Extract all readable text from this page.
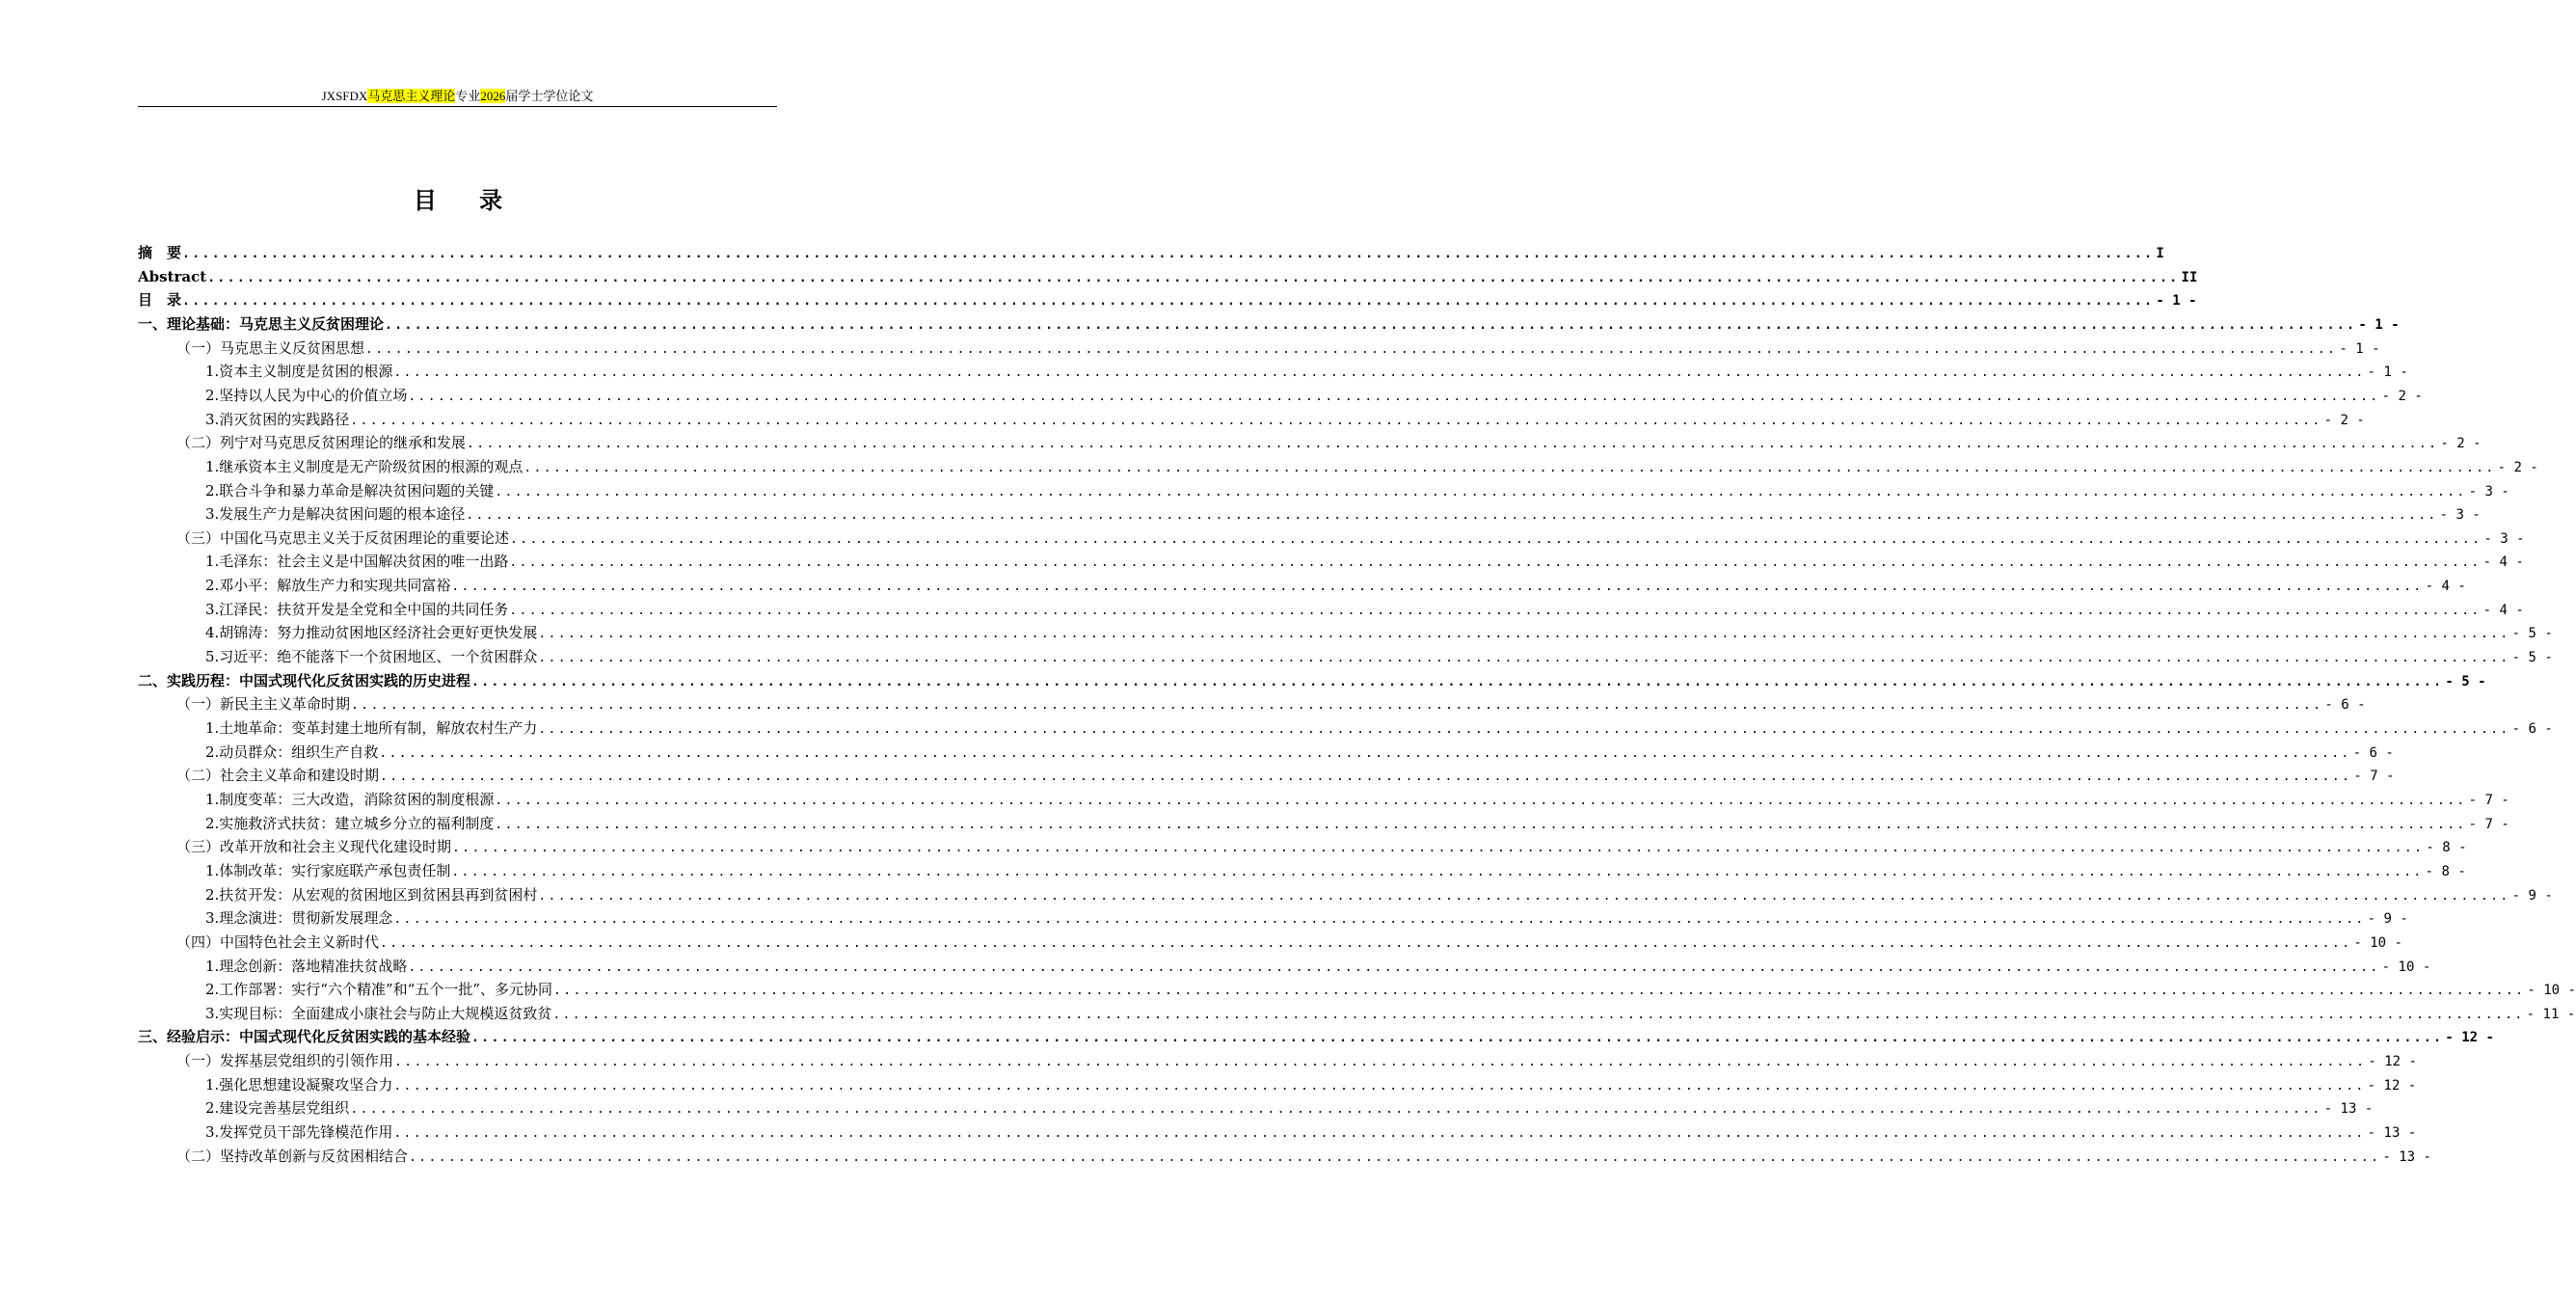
JXSFDX马克思主义理论专业2026届学士学位论文
目 录
摘　要 ........................................................................................................................................................................................................ I
Abstract ........................................................................................................................................................................................................ II
目　录 ........................................................................................................................................................................................................ - 1 -
一、理论基础：马克思主义反贫困理论 ........................................................................................................................................................................................................ - 1 -
（一）马克思主义反贫困思想 ........................................................................................................................................................................................................ - 1 -
1.资本主义制度是贫困的根源 ........................................................................................................................................................................................................ - 1 -
2.坚持以人民为中心的价值立场 ........................................................................................................................................................................................................ - 2 -
3.消灭贫困的实践路径 ........................................................................................................................................................................................................ - 2 -
（二）列宁对马克思反贫困理论的继承和发展 ........................................................................................................................................................................................................ - 2 -
1.继承资本主义制度是无产阶级贫困的根源的观点 ........................................................................................................................................................................................................ - 2 -
2.联合斗争和暴力革命是解决贫困问题的关键 ........................................................................................................................................................................................................ - 3 -
3.发展生产力是解决贫困问题的根本途径 ........................................................................................................................................................................................................ - 3 -
（三）中国化马克思主义关于反贫困理论的重要论述 ........................................................................................................................................................................................................ - 3 -
1.毛泽东：社会主义是中国解决贫困的唯一出路 ........................................................................................................................................................................................................ - 4 -
2.邓小平：解放生产力和实现共同富裕 ........................................................................................................................................................................................................ - 4 -
3.江泽民：扶贫开发是全党和全中国的共同任务 ........................................................................................................................................................................................................ - 4 -
4.胡锦涛：努力推动贫困地区经济社会更好更快发展 ........................................................................................................................................................................................................ - 5 -
5.习近平：绝不能落下一个贫困地区、一个贫困群众 ........................................................................................................................................................................................................ - 5 -
二、实践历程：中国式现代化反贫困实践的历史进程 ........................................................................................................................................................................................................ - 5 -
（一）新民主主义革命时期 ........................................................................................................................................................................................................ - 6 -
1.土地革命：变革封建土地所有制，解放农村生产力 ........................................................................................................................................................................................................ - 6 -
2.动员群众：组织生产自救 ........................................................................................................................................................................................................ - 6 -
（二）社会主义革命和建设时期 ........................................................................................................................................................................................................ - 7 -
1.制度变革：三大改造，消除贫困的制度根源 ........................................................................................................................................................................................................ - 7 -
2.实施救济式扶贫：建立城乡分立的福利制度 ........................................................................................................................................................................................................ - 7 -
（三）改革开放和社会主义现代化建设时期 ........................................................................................................................................................................................................ - 8 -
1.体制改革：实行家庭联产承包责任制 ........................................................................................................................................................................................................ - 8 -
2.扶贫开发：从宏观的贫困地区到贫困县再到贫困村 ........................................................................................................................................................................................................ - 9 -
3.理念演进：贯彻新发展理念 ........................................................................................................................................................................................................ - 9 -
（四）中国特色社会主义新时代 ........................................................................................................................................................................................................ - 10 -
1.理念创新：落地精准扶贫战略 ........................................................................................................................................................................................................ - 10 -
2.工作部署：实行“六个精准”和“五个一批”、多元协同 ........................................................................................................................................................................................................ - 10 -
3.实现目标：全面建成小康社会与防止大规模返贫致贫 ........................................................................................................................................................................................................ - 11 -
三、经验启示：中国式现代化反贫困实践的基本经验 ........................................................................................................................................................................................................ - 12 -
（一）发挥基层党组织的引领作用 ........................................................................................................................................................................................................ - 12 -
1.强化思想建设凝聚攻坚合力 ........................................................................................................................................................................................................ - 12 -
2.建设完善基层党组织 ........................................................................................................................................................................................................ - 13 -
3.发挥党员干部先锋模范作用 ........................................................................................................................................................................................................ - 13 -
（二）坚持改革创新与反贫困相结合 ........................................................................................................................................................................................................ - 13 -
